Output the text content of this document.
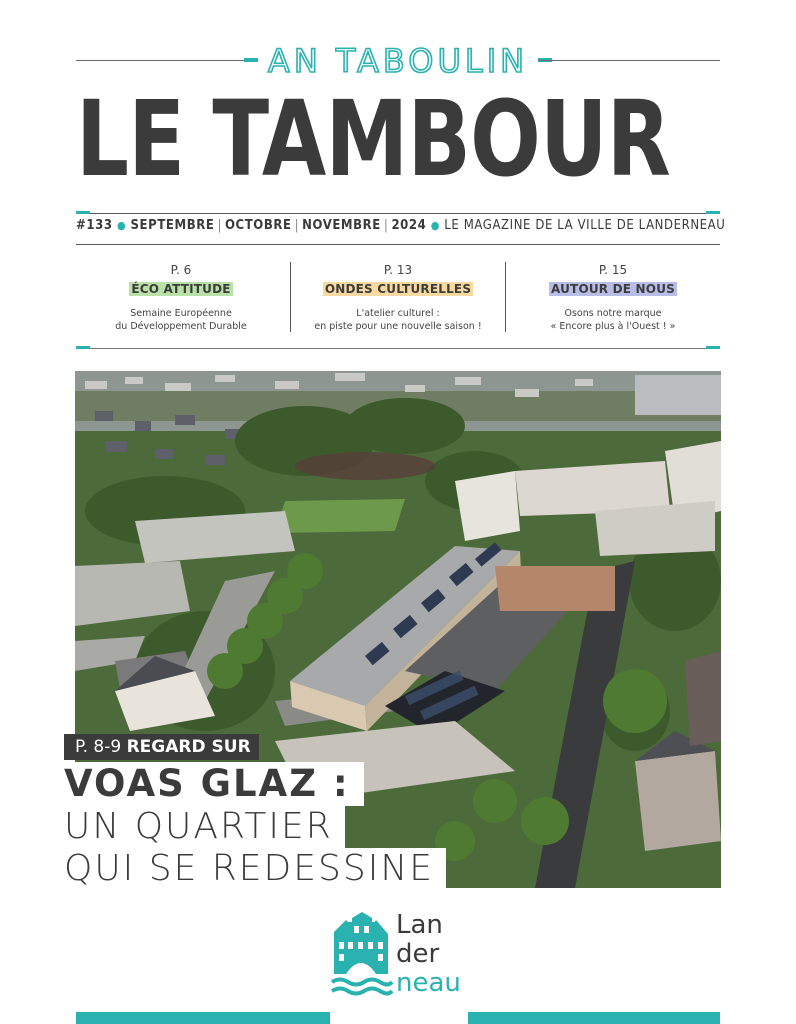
AN TABOULIN
LE TAMBOUR
#133 ● SEPTEMBRE | OCTOBRE | NOVEMBRE | 2024 ● LE MAGAZINE DE LA VILLE DE LANDERNEAU
P. 6
ÉCO ATTITUDE
Semaine Européenne
du Développement Durable
P. 13
ONDES CULTURELLES
L'atelier culturel :
en piste pour une nouvelle saison !
P. 15
AUTOUR DE NOUS
Osons notre marque
« Encore plus à l'Ouest ! »
P. 8-9 REGARD SUR
VOAS GLAZ :
UN QUARTIER
QUI SE REDESSINE
Lan
der
neau
